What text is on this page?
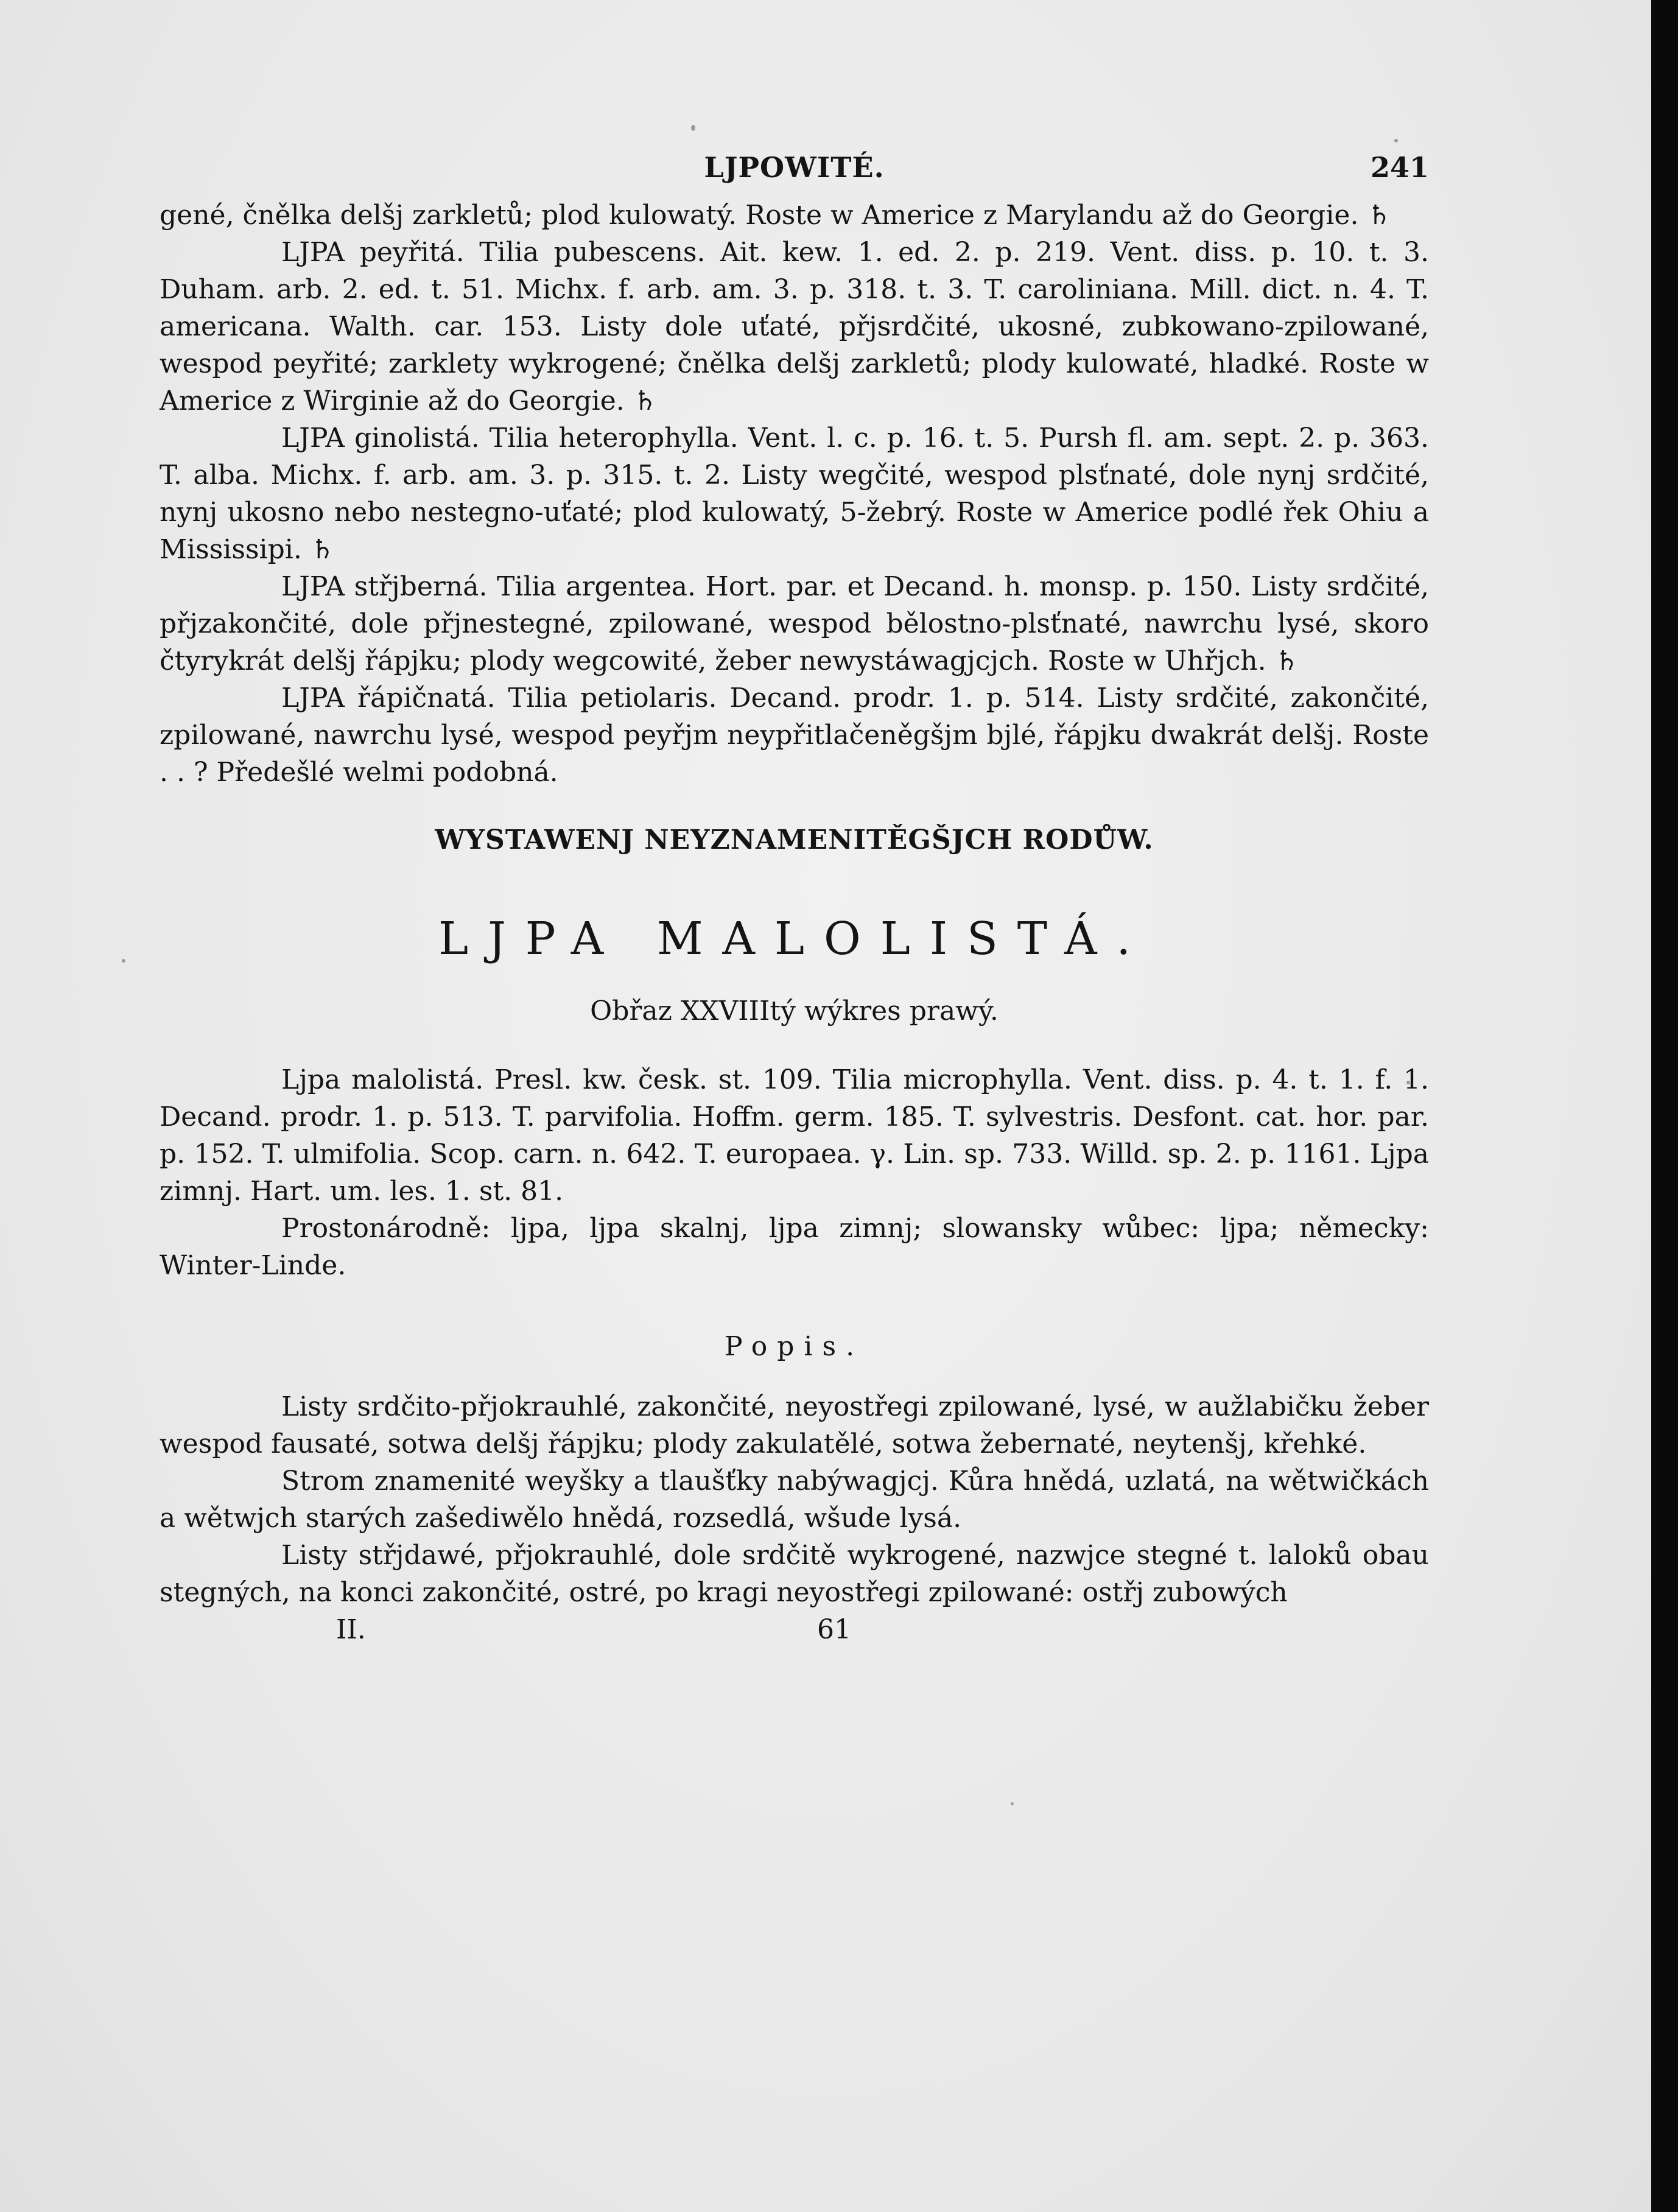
LJPOWITÉ.	241

gené, čnělka delšj zarkletů; plod kulowatý. Roste w Americe z Marylandu až do Georgie. ♄

LJPA peyřitá. Tilia pubescens. Ait. kew. 1. ed. 2. p. 219. Vent. diss. p. 10. t. 3. Duham. arb. 2. ed. t. 51. Michx. f. arb. am. 3. p. 318. t. 3. T. caroliniana. Mill. dict. n. 4. T. americana. Walth. car. 153. Listy dole uťaté, přjsrdčité, ukosné, zubkowano-zpilowané, wespod peyřité; zarklety wykrogené; čnělka delšj zarkletů; plody kulowaté, hladké. Roste w Americe z Wirginie až do Georgie. ♄

LJPA ginolistá. Tilia heterophylla. Vent. l. c. p. 16. t. 5. Pursh fl. am. sept. 2. p. 363. T. alba. Michx. f. arb. am. 3. p. 315. t. 2. Listy wegčité, wespod plsťnaté, dole nynj srdčité, nynj ukosno nebo nestegno-uťaté; plod kulowatý, 5-žebrý. Roste w Americe podlé řek Ohiu a Mississipi. ♄

LJPA střjberná. Tilia argentea. Hort. par. et Decand. h. monsp. p. 150. Listy srdčité, přjzakončité, dole přjnestegné, zpilowané, wespod bělostno-plsťnaté, nawrchu lysé, skoro čtyrykrát delšj řápjku; plody wegcowité, žeber newystáwagjcjch. Roste w Uhřjch. ♄

LJPA řápičnatá. Tilia petiolaris. Decand. prodr. 1. p. 514. Listy srdčité, zakončité, zpilowané, nawrchu lysé, wespod peyřjm neypřitlačeněgšjm bjlé, řápjku dwakrát delšj. Roste . . ? Předešlé welmi podobná.

WYSTAWENJ NEYZNAMENITĚGŠJCH RODŮW.
LJPA MALOLISTÁ.
Obřaz XXVIIItý wýkres prawý.

Ljpa malolistá. Presl. kw. česk. st. 109. Tilia microphylla. Vent. diss. p. 4. t. 1. f. 1. Decand. prodr. 1. p. 513. T. parvifolia. Hoffm. germ. 185. T. sylvestris. Desfont. cat. hor. par. p. 152. T. ulmifolia. Scop. carn. n. 642. T. europaea. γ. Lin. sp. 733. Willd. sp. 2. p. 1161. Ljpa zimnj. Hart. um. les. 1. st. 81.

Prostonárodně: ljpa, ljpa skalnj, ljpa zimnj; slowansky wůbec: ljpa; německy: Winter-Linde.

Popis.

Listy srdčito-přjokrauhlé, zakončité, neyostřegi zpilowané, lysé, w aužlabičku žeber wespod fausaté, sotwa delšj řápjku; plody zakulatělé, sotwa žebernaté, neytenšj, křehké.

Strom znamenité weyšky a tlaušťky nabýwagjcj. Kůra hnědá, uzlatá, na wětwičkách a wětwjch starých zašediwělo hnědá, rozsedlá, wšude lysá.

Listy střjdawé, přjokrauhlé, dole srdčitě wykrogené, nazwjce stegné t. laloků obau stegných, na konci zakončité, ostré, po kragi neyostřegi zpilowané: ostřj zubowých

II.	61
